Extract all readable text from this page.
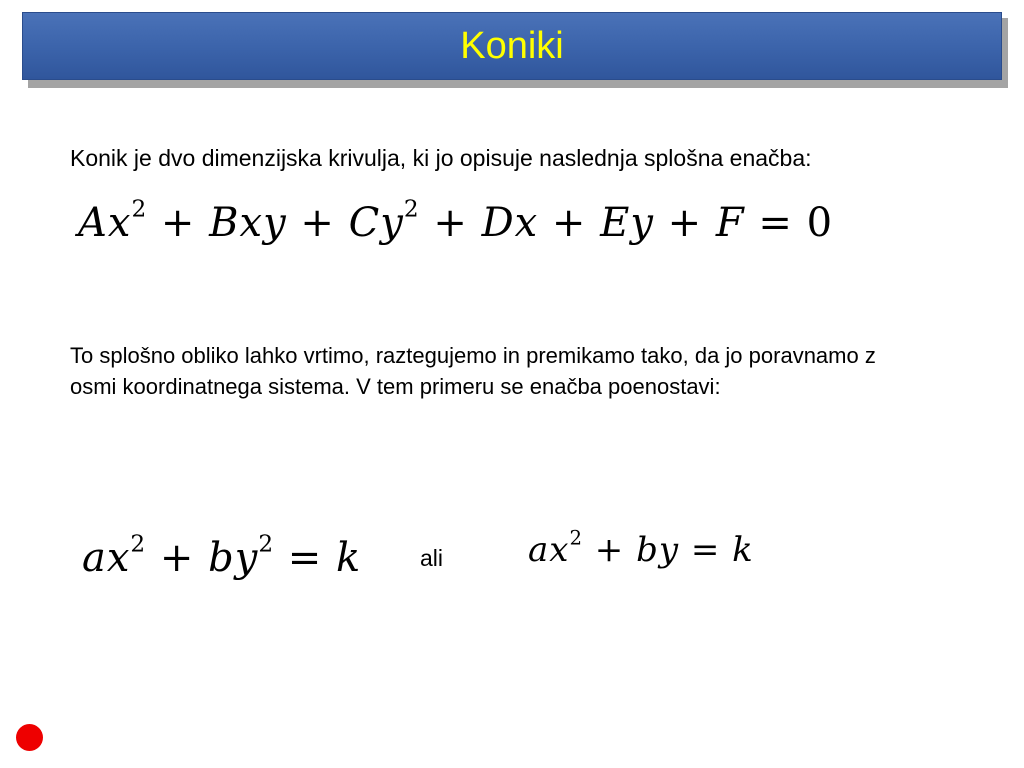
Koniki
Konik je dvo dimenzijska krivulja, ki jo opisuje naslednja splošna enačba:
$Ax^2$ + Bxy + $Cy^2 + Dx + Ey + F = 0$
To splošno obliko lahko vrtimo, raztegujemo in premikamo tako, da jo poravnamo z osmi koordinatnega sistema. V tem primeru se enačba poenostavi:
$ax^2 + by^2 = k$	ali $ax^2$ + by = k
